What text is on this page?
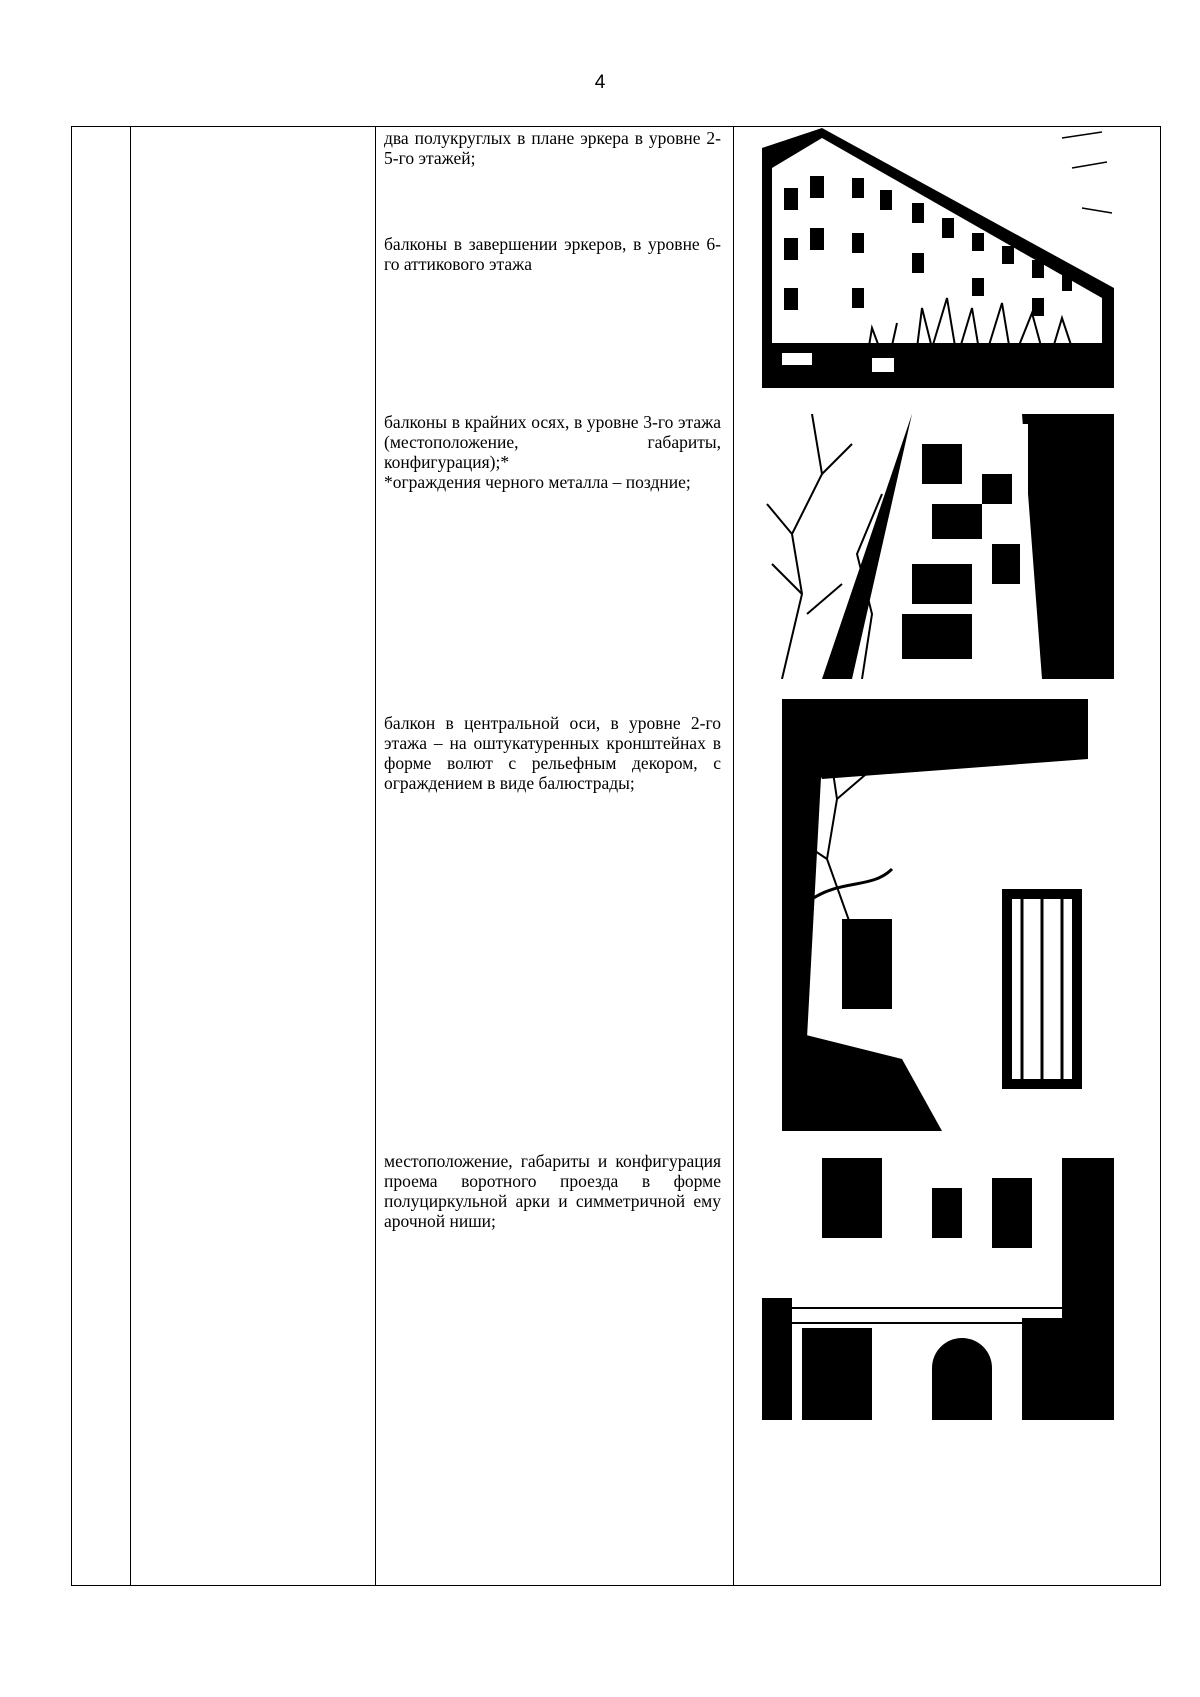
4

два полукруглых в плане эркера в уровне 2-5-го этажей;
балконы в завершении эркеров, в уровне 6-го аттикового этажа
балконы в крайних осях, в уровне 3-го этажа (местоположение, габариты, конфигурация);*
*ограждения черного металла – поздние;
балкон в центральной оси, в уровне 2-го этажа – на оштукатуренных кронштейнах в форме волют с рельефным декором, с ограждением в виде балюстрады;
местоположение, габариты и конфигурация проема воротного проезда в форме полуциркульной арки и симметричной ему арочной ниши;
